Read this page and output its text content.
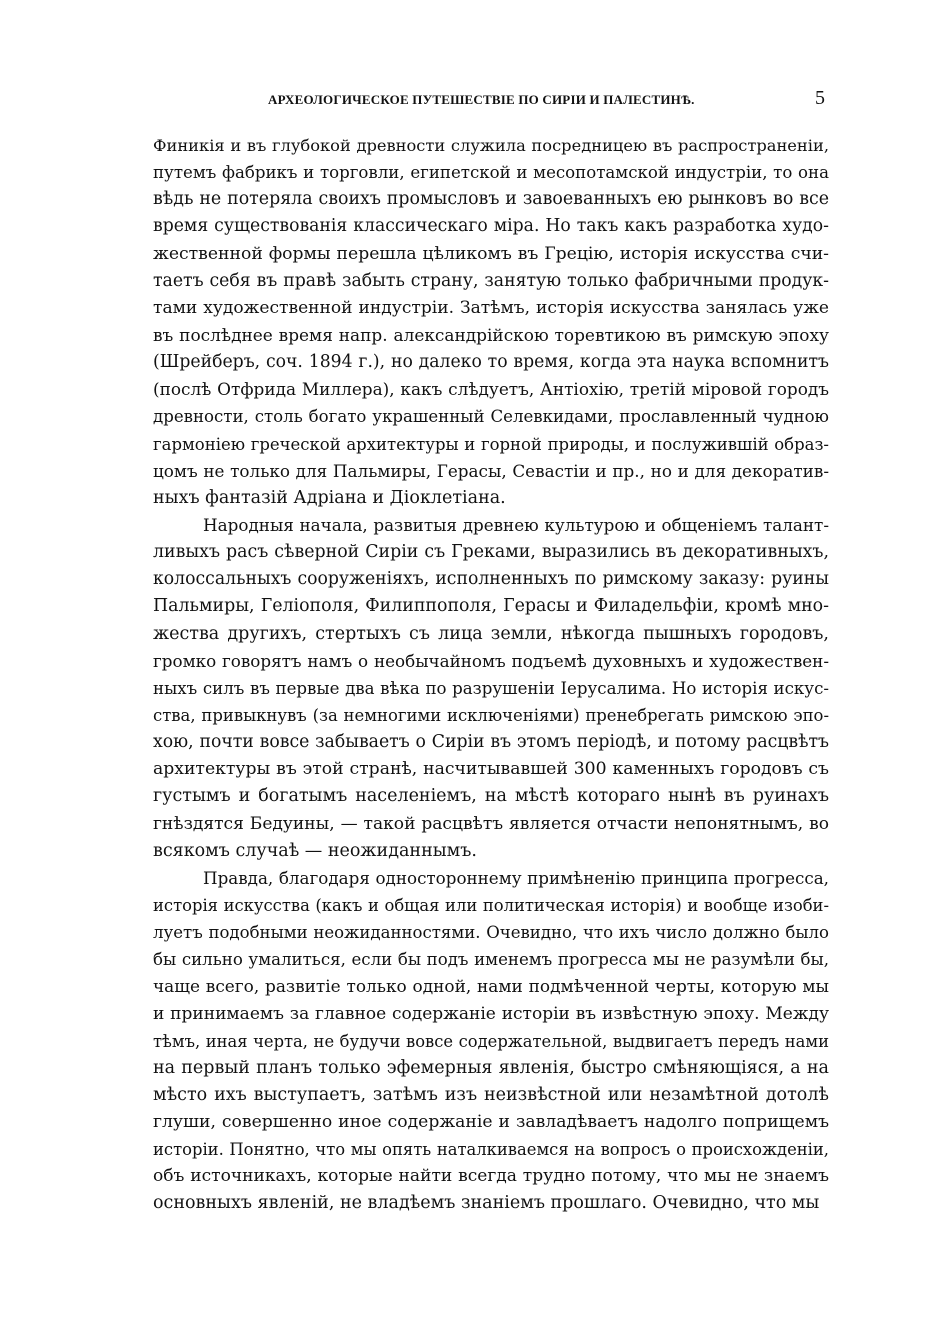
АРХЕОЛОГИЧЕСКОЕ ПУТЕШЕСТВІЕ ПО СИРІИ И ПАЛЕСТИНѢ.	5
Финикія и въ глубокой древности служила посредницею въ распространеніи,
путемъ фабрикъ и торговли, египетской и месопотамской индустріи, то она
вѣдь не потеряла своихъ промысловъ и завоеванныхъ ею рынковъ во все
время существованія классическаго міра. Но такъ какъ разработка худо-
жественной формы перешла цѣликомъ въ Грецію, исторія искусства счи-
таетъ себя въ правѣ забыть страну, занятую только фабричными продук-
тами художественной индустріи. Затѣмъ, исторія искусства занялась уже
въ послѣднее время напр. александрійскою торевтикою въ римскую эпоху
(Шрейберъ, соч. 1894 г.), но далеко то время, когда эта наука вспомнитъ
(послѣ Отфрида Миллера), какъ слѣдуетъ, Антіохію, третій міровой городъ
древности, столь богато украшенный Селевкидами, прославленный чудною
гармоніею греческой архитектуры и горной природы, и послужившій образ-
цомъ не только для Пальмиры, Герасы, Севастіи и пр., но и для декоратив-
ныхъ фантазій Адріана и Діоклетіана.
Народныя начала, развитыя древнею культурою и общеніемъ талант-
ливыхъ расъ сѣверной Сиріи съ Греками, выразились въ декоративныхъ,
колоссальныхъ сооруженіяхъ, исполненныхъ по римскому заказу: руины
Пальмиры, Геліополя, Филиппополя, Герасы и Филадельфіи, кромѣ мно-
жества другихъ, стертыхъ съ лица земли, нѣкогда пышныхъ городовъ,
громко говорятъ намъ о необычайномъ подъемѣ духовныхъ и художествен-
ныхъ силъ въ первые два вѣка по разрушеніи Іерусалима. Но исторія искус-
ства, привыкнувъ (за немногими исключеніями) пренебрегать римскою эпо-
хою, почти вовсе забываетъ о Сиріи въ этомъ періодѣ, и потому расцвѣтъ
архитектуры въ этой странѣ, насчитывавшей 300 каменныхъ городовъ съ
густымъ и богатымъ населеніемъ, на мѣстѣ котораго нынѣ въ руинахъ
гнѣздятся Бедуины, — такой расцвѣтъ является отчасти непонятнымъ, во
всякомъ случаѣ — неожиданнымъ.
Правда, благодаря одностороннему примѣненію принципа прогресса,
исторія искусства (какъ и общая или политическая исторія) и вообще изоби-
луетъ подобными неожиданностями. Очевидно, что ихъ число должно было
бы сильно умалиться, если бы подъ именемъ прогресса мы не разумѣли бы,
чаще всего, развитіе только одной, нами подмѣченной черты, которую мы
и принимаемъ за главное содержаніе исторіи въ извѣстную эпоху. Между
тѣмъ, иная черта, не будучи вовсе содержательной, выдвигаетъ передъ нами
на первый планъ только эфемерныя явленія, быстро смѣняющіяся, а на
мѣсто ихъ выступаетъ, затѣмъ изъ неизвѣстной или незамѣтной дотолѣ
глуши, совершенно иное содержаніе и завладѣваетъ надолго поприщемъ
исторіи. Понятно, что мы опять наталкиваемся на вопросъ о происхожденіи,
объ источникахъ, которые найти всегда трудно потому, что мы не знаемъ
основныхъ явленій, не владѣемъ знаніемъ прошлаго. Очевидно, что мы
